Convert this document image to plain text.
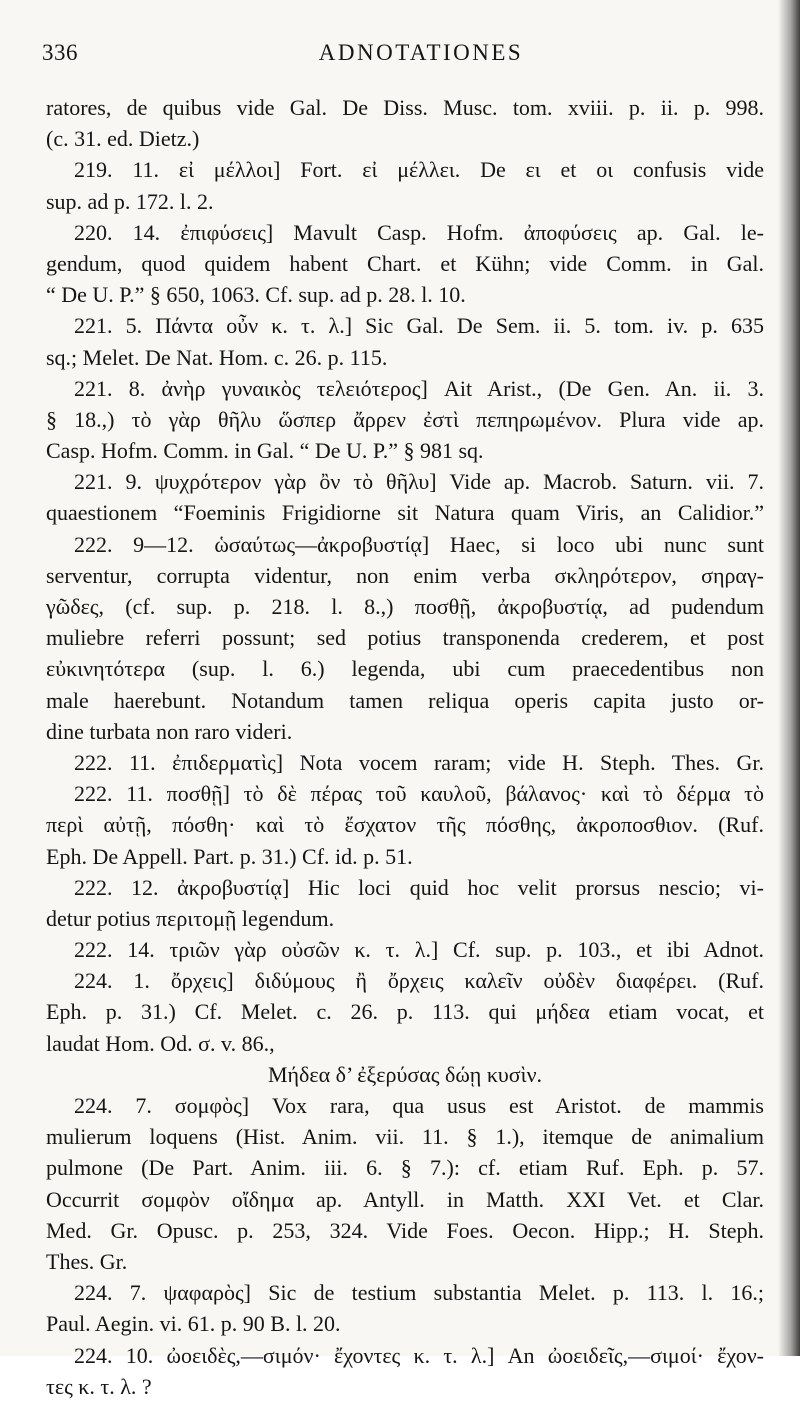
336	ADNOTATIONES
ratores, de quibus vide Gal. De Diss. Musc. tom. xviii. p. ii. p. 998.
(c. 31. ed. Dietz.)
219. 11. εἰ μέλλοι] Fort. εἰ μέλλει. De ει et οι confusis vide
sup. ad p. 172. l. 2.
220. 14. ἐπιφύσεις] Mavult Casp. Hofm. ἀποφύσεις ap. Gal. le-
gendum, quod quidem habent Chart. et Kühn; vide Comm. in Gal.
“ De U. P.” § 650, 1063. Cf. sup. ad p. 28. l. 10.
221. 5. Πάντα οὖν κ. τ. λ.] Sic Gal. De Sem. ii. 5. tom. iv. p. 635
sq.; Melet. De Nat. Hom. c. 26. p. 115.
221. 8. ἀνὴρ γυναικὸς τελειότερος] Ait Arist., (De Gen. An. ii. 3.
§ 18.,) τὸ γὰρ θῆλυ ὥσπερ ἄρρεν ἐστὶ πεπηρωμένον. Plura vide ap.
Casp. Hofm. Comm. in Gal. “ De U. P.” § 981 sq.
221. 9. ψυχρότερον γὰρ ὂν τὸ θῆλυ] Vide ap. Macrob. Saturn. vii. 7.
quaestionem “Foeminis Frigidiorne sit Natura quam Viris, an Calidior.”
222. 9—12. ὡσαύτως—ἀκροβυστίᾳ] Haec, si loco ubi nunc sunt
serventur, corrupta videntur, non enim verba σκληρότερον, σηραγ-
γῶδες, (cf. sup. p. 218. l. 8.,) ποσθῇ, ἀκροβυστίᾳ, ad pudendum
muliebre referri possunt; sed potius transponenda crederem, et post
εὐκινητότερα (sup. l. 6.) legenda, ubi cum praecedentibus non
male haerebunt. Notandum tamen reliqua operis capita justo or-
dine turbata non raro videri.
222. 11. ἐπιδερματὶς] Nota vocem raram; vide H. Steph. Thes. Gr.
222. 11. ποσθῇ] τὸ δὲ πέρας τοῦ καυλοῦ, βάλανος· καὶ τὸ δέρμα τὸ
περὶ αὐτῇ, πόσθη· καὶ τὸ ἔσχατον τῆς πόσθης, ἀκροποσθιον. (Ruf.
Eph. De Appell. Part. p. 31.) Cf. id. p. 51.
222. 12. ἀκροβυστίᾳ] Hic loci quid hoc velit prorsus nescio; vi-
detur potius περιτομῇ legendum.
222. 14. τριῶν γὰρ οὐσῶν κ. τ. λ.] Cf. sup. p. 103., et ibi Adnot.
224. 1. ὄρχεις] διδύμους ἢ ὄρχεις καλεῖν οὐδὲν διαφέρει. (Ruf.
Eph. p. 31.) Cf. Melet. c. 26. p. 113. qui μήδεα etiam vocat, et
laudat Hom. Od. σ. v. 86.,
Μήδεα δ’ ἐξερύσας δώῃ κυσὶν.
224. 7. σομφὸς] Vox rara, qua usus est Aristot. de mammis
mulierum loquens (Hist. Anim. vii. 11. § 1.), itemque de animalium
pulmone (De Part. Anim. iii. 6. § 7.): cf. etiam Ruf. Eph. p. 57.
Occurrit σομφὸν οἴδημα ap. Antyll. in Matth. XXI Vet. et Clar.
Med. Gr. Opusc. p. 253, 324. Vide Foes. Oecon. Hipp.; H. Steph.
Thes. Gr.
224. 7. ψαφαρὸς] Sic de testium substantia Melet. p. 113. l. 16.;
Paul. Aegin. vi. 61. p. 90 B. l. 20.
224. 10. ὠοειδὲς,—σιμόν· ἔχοντες κ. τ. λ.] An ὠοειδεῖς,—σιμοί· ἔχον-
τες κ. τ. λ. ?
